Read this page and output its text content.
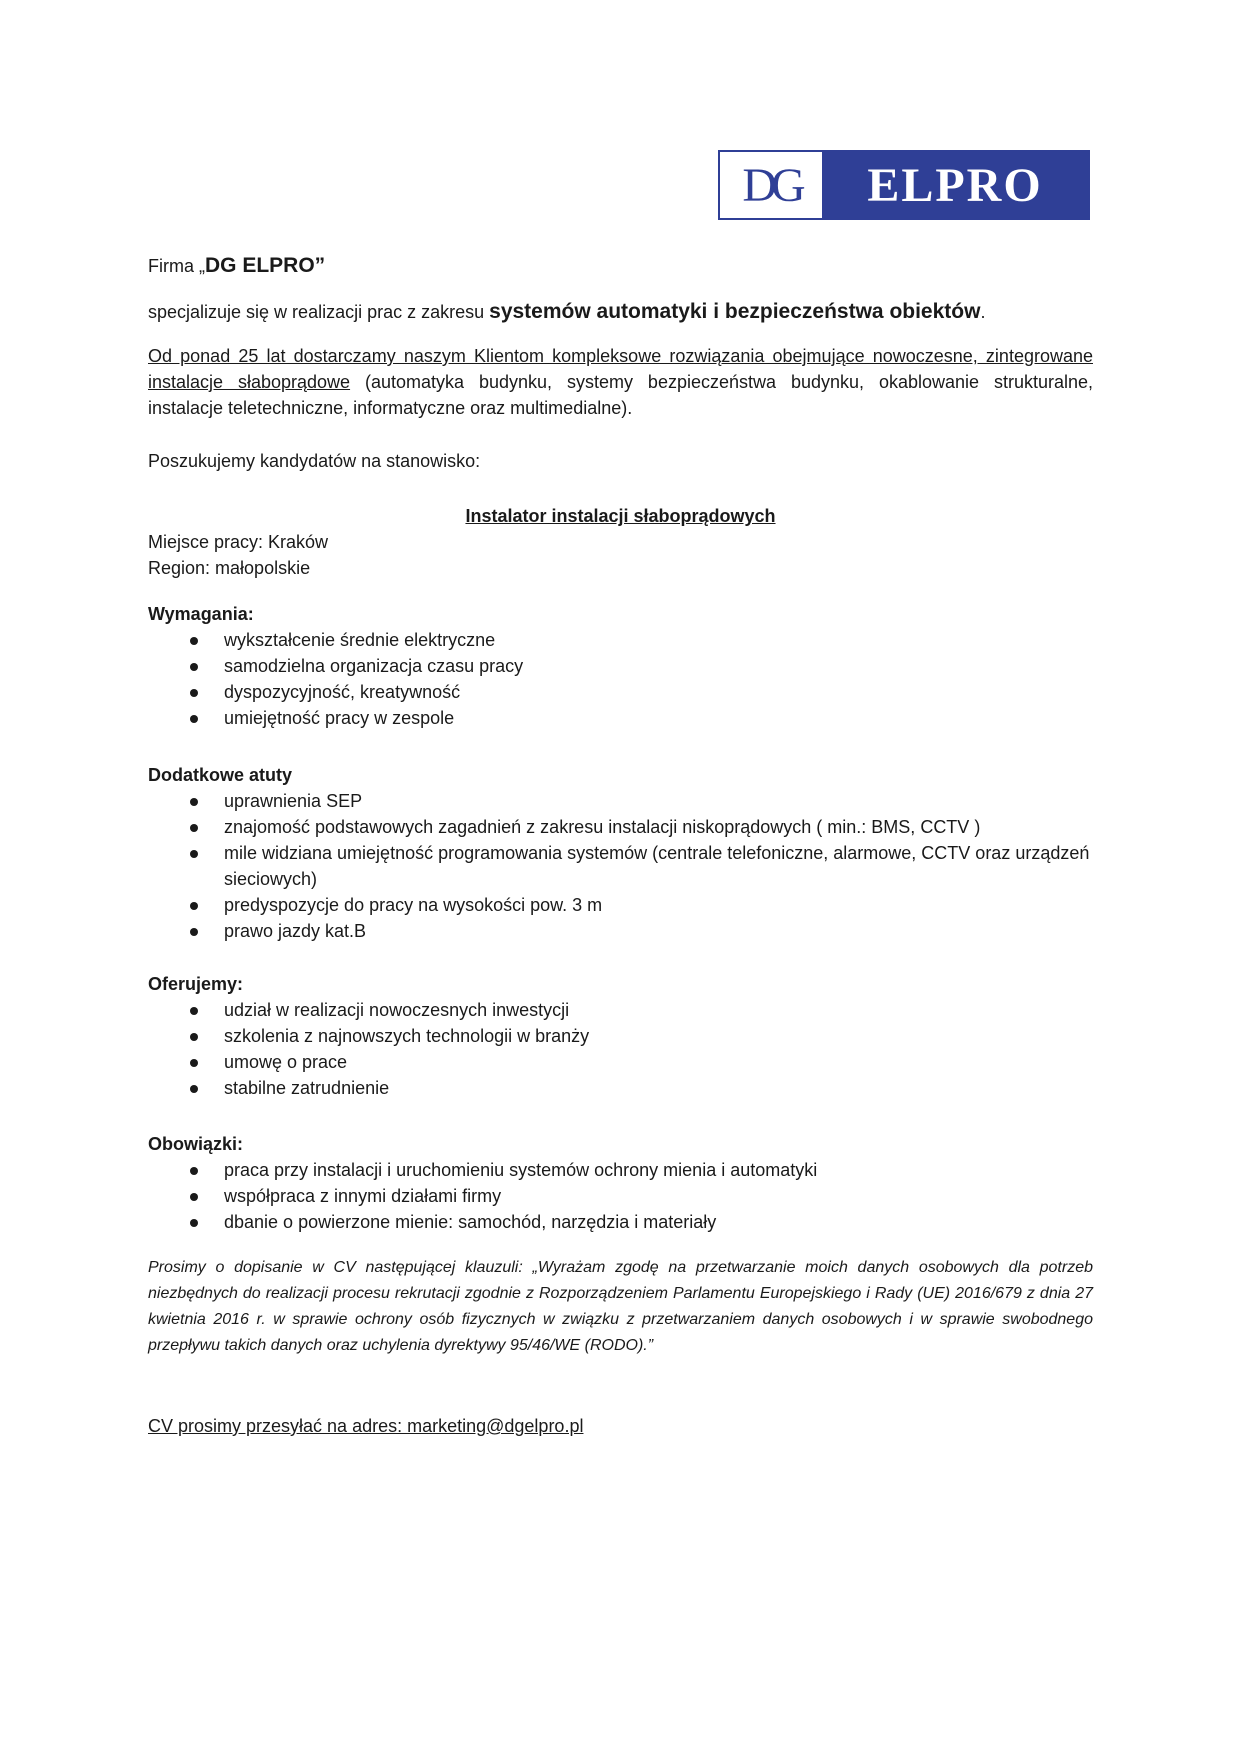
DG	ELPRO
Firma „DG ELPRO”
specjalizuje się w realizacji prac z zakresu systemów automatyki i bezpieczeństwa obiektów.
Od ponad 25 lat dostarczamy naszym Klientom kompleksowe rozwiązania obejmujące nowoczesne, zintegrowane instalacje słaboprądowe (automatyka budynku, systemy bezpieczeństwa budynku, okablowanie strukturalne, instalacje teletechniczne, informatyczne oraz multimedialne).
Poszukujemy kandydatów na stanowisko:
Instalator instalacji słaboprądowych
Miejsce pracy: Kraków
Region: małopolskie
Wymagania:
wykształcenie średnie elektryczne
samodzielna organizacja czasu pracy
dyspozycyjność, kreatywność
umiejętność pracy w zespole
Dodatkowe atuty
uprawnienia SEP
znajomość podstawowych zagadnień z zakresu instalacji niskoprądowych ( min.: BMS, CCTV )
mile widziana umiejętność programowania systemów (centrale telefoniczne, alarmowe, CCTV oraz urządzeń sieciowych)
predyspozycje do pracy na wysokości pow. 3 m
prawo jazdy kat.B
Oferujemy:
udział w realizacji nowoczesnych inwestycji
szkolenia z najnowszych technologii w branży
umowę o prace
stabilne zatrudnienie
Obowiązki:
praca przy instalacji i uruchomieniu systemów ochrony mienia i automatyki
współpraca z innymi działami firmy
dbanie o powierzone mienie: samochód, narzędzia i materiały
Prosimy o dopisanie w CV następującej klauzuli: „Wyrażam zgodę na przetwarzanie moich danych osobowych dla potrzeb niezbędnych do realizacji procesu rekrutacji zgodnie z Rozporządzeniem Parlamentu Europejskiego i Rady (UE) 2016/679 z dnia 27 kwietnia 2016 r. w sprawie ochrony osób fizycznych w związku z przetwarzaniem danych osobowych i w sprawie swobodnego przepływu takich danych oraz uchylenia dyrektywy 95/46/WE (RODO).”
CV prosimy przesyłać na adres: marketing@dgelpro.pl
